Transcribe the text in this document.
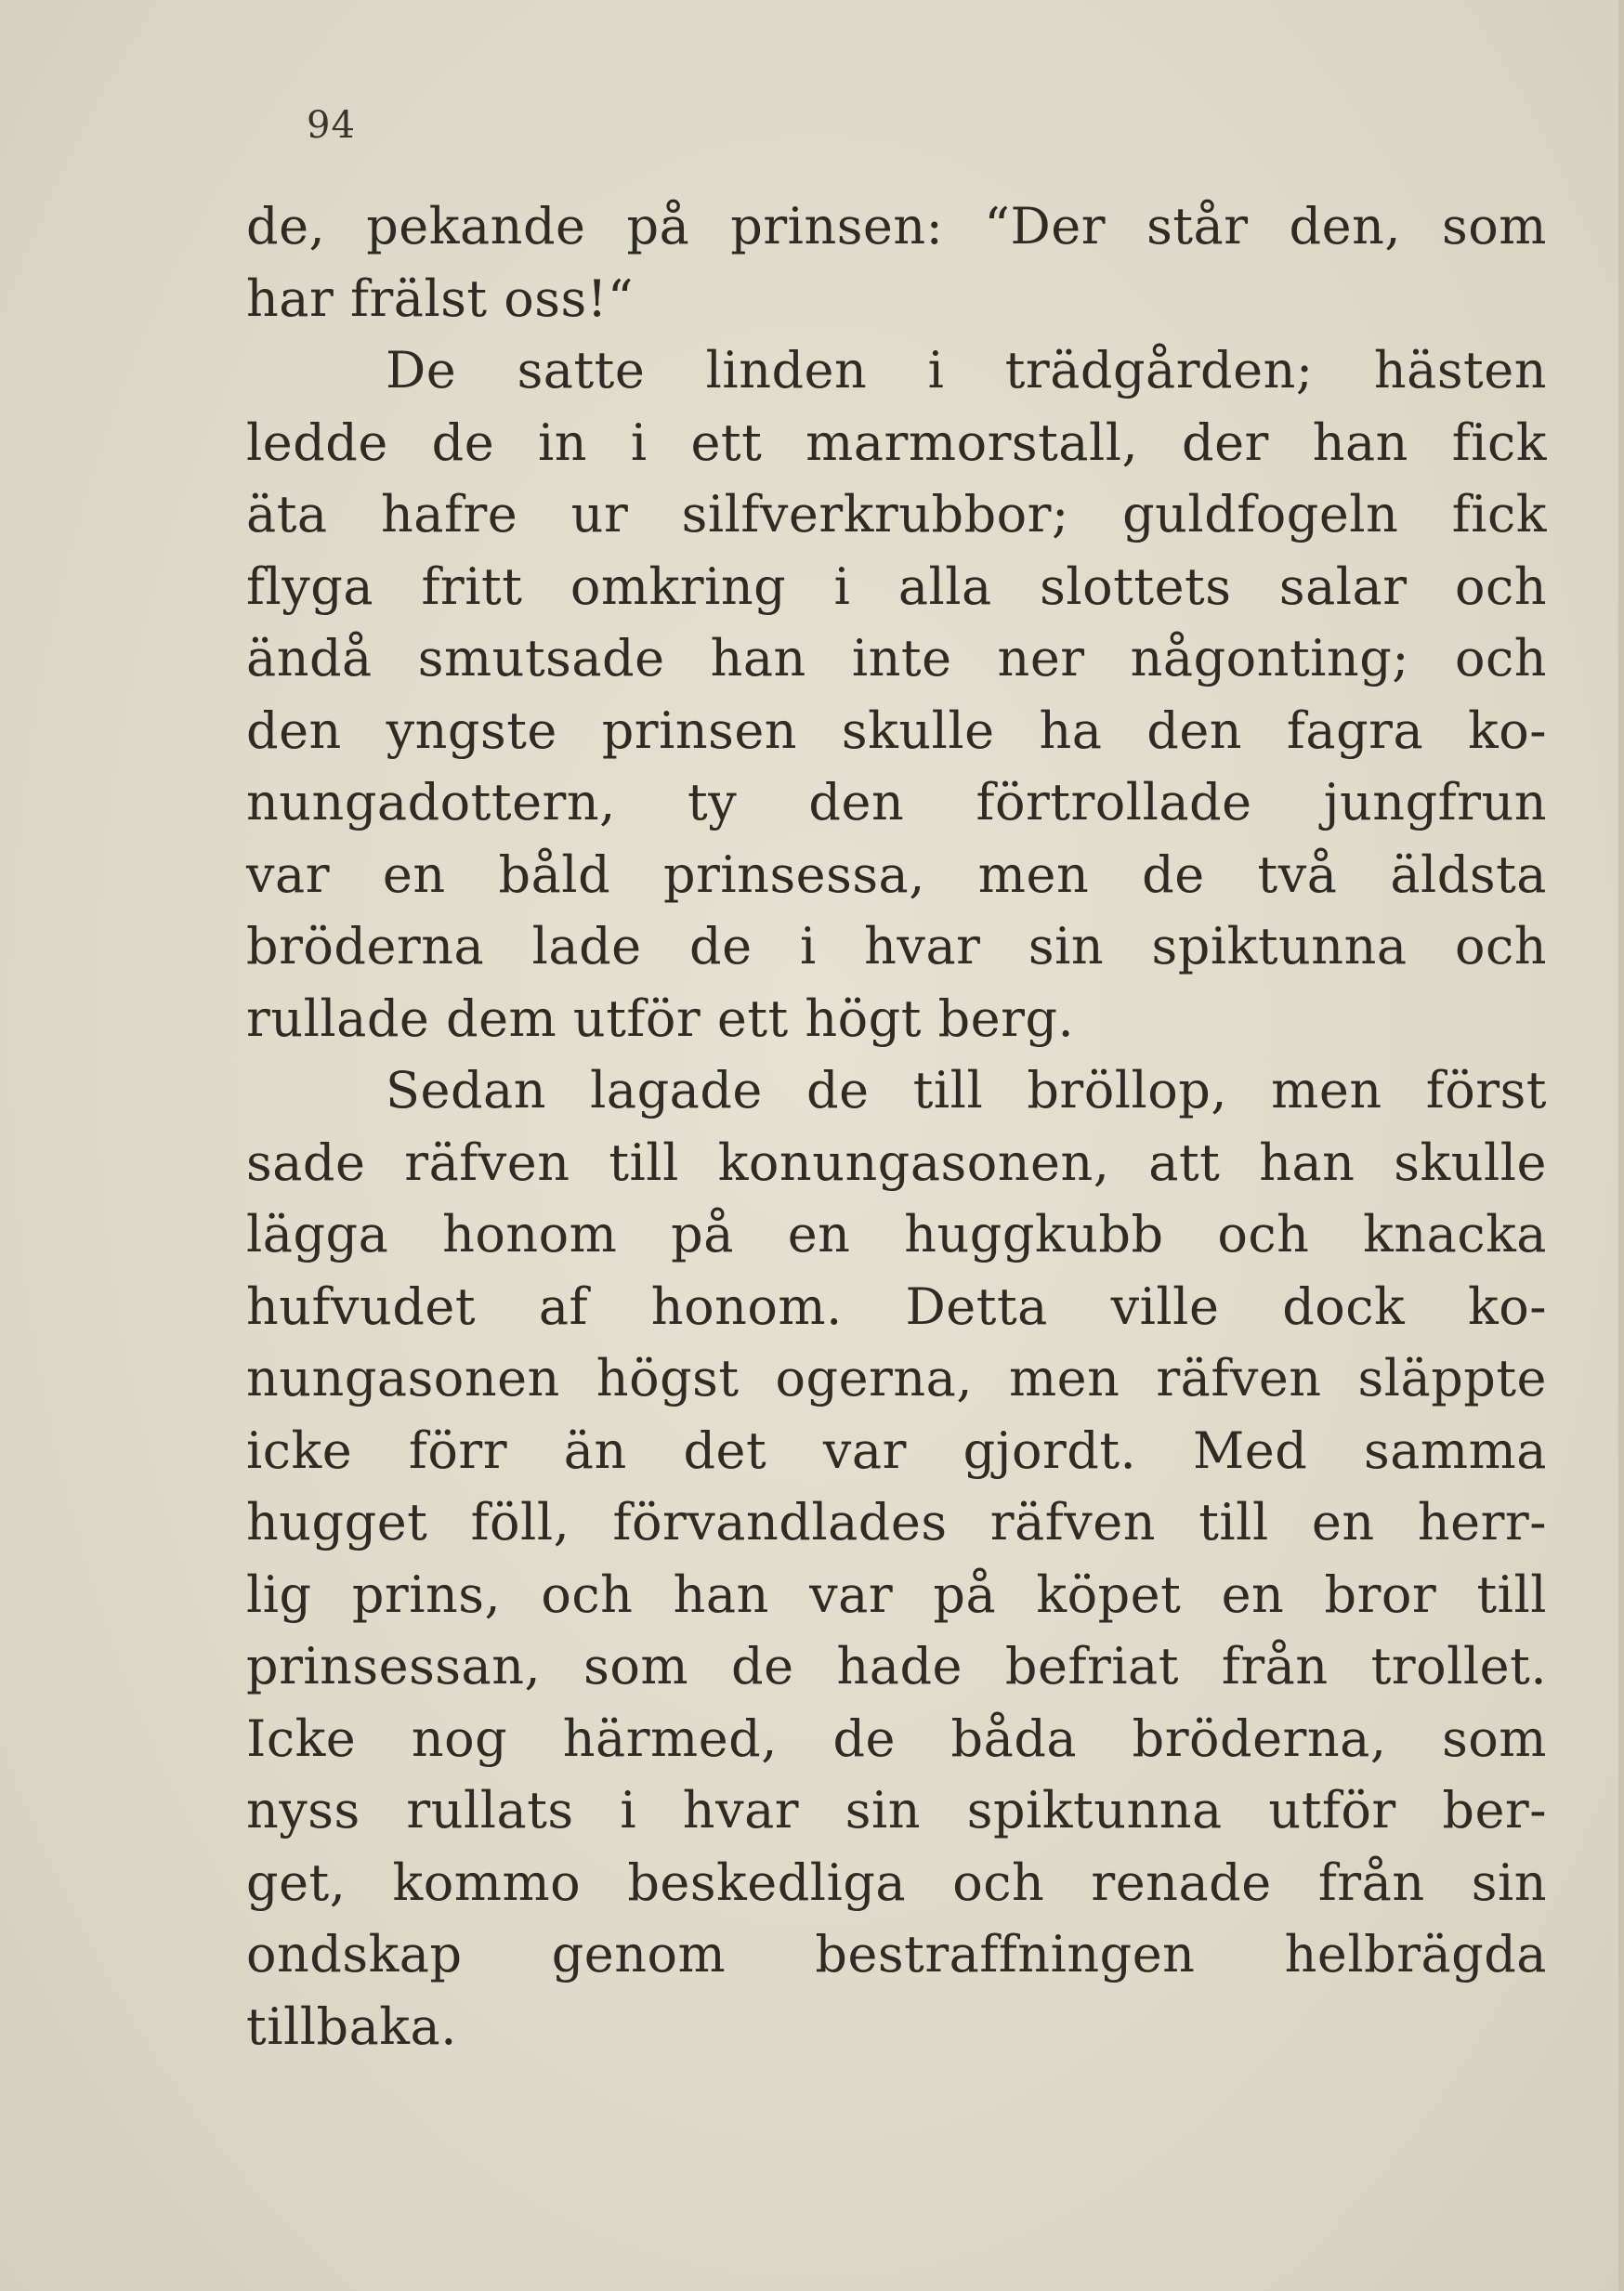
94
de, pekande på prinsen: “Der står den, som
har frälst oss!“
De satte linden i trädgården; hästen
ledde de in i ett marmorstall, der han fick
äta hafre ur silfverkrubbor; guldfogeln fick
flyga fritt omkring i alla slottets salar och
ändå smutsade han inte ner någonting; och
den yngste prinsen skulle ha den fagra ko-
nungadottern, ty den förtrollade jungfrun
var en båld prinsessa, men de två äldsta
bröderna lade de i hvar sin spiktunna och
rullade dem utför ett högt berg.
Sedan lagade de till bröllop, men först
sade räfven till konungasonen, att han skulle
lägga honom på en huggkubb och knacka
hufvudet af honom. Detta ville dock ko-
nungasonen högst ogerna, men räfven släppte
icke förr än det var gjordt. Med samma
hugget föll, förvandlades räfven till en herr-
lig prins, och han var på köpet en bror till
prinsessan, som de hade befriat från trollet.
Icke nog härmed, de båda bröderna, som
nyss rullats i hvar sin spiktunna utför ber-
get, kommo beskedliga och renade från sin
ondskap genom bestraffningen helbrägda
tillbaka.
